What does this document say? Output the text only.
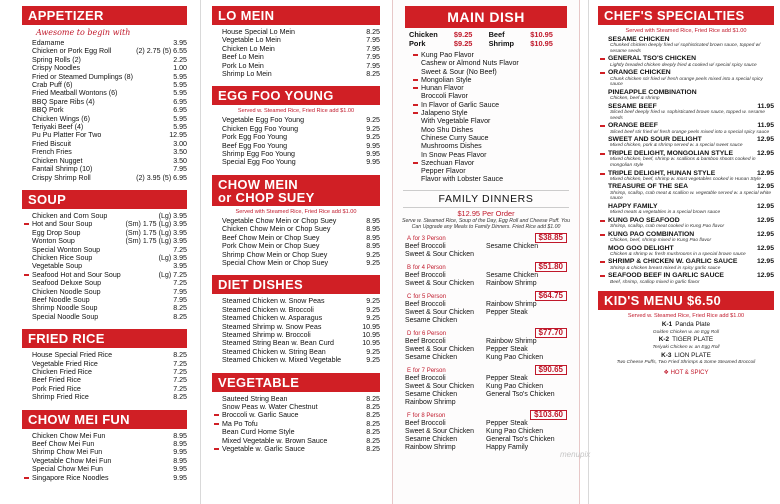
APPETIZER
Awesome to begin with
Edamame	3.95
Chicken or Pork Egg Roll	(2) 2.75 (5) 6.55
Spring Rolls (2)	2.25
Crispy Noodles	1.00
Fried or Steamed Dumplings (8)	5.95
Crab Puff (6)	5.95
Fried Meatball Wontons (6)	5.95
BBQ Spare Ribs (4)	6.95
BBQ Pork	6.95
Chicken Wings (6)	5.95
Teriyaki Beef (4)	5.95
Pu Pu Platter For Two	12.95
Fried Biscuit	3.00
French Fries	3.50
Chicken Nugget	3.50
Fantail Shrimp (10)	7.95
Crispy Shrimp Roll	(2) 3.95 (5) 6.95
SOUP
Chicken and Corn Soup	(Lg) 3.95
Hot and Sour Soup	(Sm) 1.75 (Lg) 3.95
Egg Drop Soup	(Sm) 1.75 (Lg) 3.95
Wonton Soup	(Sm) 1.75 (Lg) 3.95
Special Wonton Soup	7.25
Chicken Rice Soup	(Lg) 3.95
Vegetable Soup	3.95
Seafood Hot and Sour Soup	(Lg) 7.25
Seafood Deluxe Soup	7.25
Chicken Noodle Soup	7.95
Beef Noodle Soup	7.95
Shrimp Noodle Soup	8.25
Special Noodle Soup	8.25
FRIED RICE
House Special Fried Rice	8.25
Vegetable Fried Rice	7.25
Chicken Fried Rice	7.25
Beef Fried Rice	7.25
Pork Fried Rice	7.25
Shrimp Fried Rice	8.25
CHOW MEI FUN
Chicken Chow Mei Fun	8.95
Beef Chow Mei Fun	8.95
Shrimp Chow Mei Fun	9.95
Vegetable Chow Mei Fun	8.95
Special Chow Mei Fun	9.95
Singapore Rice Noodles	9.95
LO MEIN
House Special Lo Mein	8.25
Vegetable Lo Mein	7.95
Chicken Lo Mein	7.95
Beef Lo Mein	7.95
Pork Lo Mein	7.95
Shrimp Lo Mein	8.25
EGG FOO YOUNG
Served w. Steamed Rice, Fried Rice add $1.00
Vegetable Egg Foo Young	9.25
Chicken Egg Foo Young	9.25
Pork Egg Foo Young	9.25
Beef Egg Foo Young	9.95
Shrimp Egg Foo Young	9.95
Special Egg Foo Young	9.95
CHOW MEIN
or CHOP SUEY
Served with Steamed Rice, Fried Rice add $1.00
Vegetable Chow Mein or Chop Suey	8.95
Chicken Chow Mein or Chop Suey	8.95
Beef Chow Mein or Chop Suey	8.95
Pork Chow Mein or Chop Suey	8.95
Shrimp Chow Mein or Chop Suey	9.25
Special Chow Mein or Chop Suey	9.25
DIET DISHES
Steamed Chicken w. Snow Peas	9.25
Steamed Chicken w. Broccoli	9.25
Steamed Chicken w. Asparagus	9.25
Steamed Shrimp w. Snow Peas	10.95
Steamed Shrimp w. Broccoli	10.95
Steamed String Bean w. Bean Curd	10.95
Steamed Chicken w. String Bean	9.25
Steamed Chicken w. Mixed Vegetable	9.25
VEGETABLE
Sauteed String Bean	8.25
Snow Peas w. Water Chestnut	8.25
Broccoli w. Garlic Sauce	8.25
Ma Po Tofu	8.25
Bean Curd Home Style	8.25
Mixed Vegetable w. Brown Sauce	8.25
Vegetable w. Garlic Sauce	8.25
MAIN DISH
Chicken	$9.25	Beef	$10.95
Pork	$9.25	Shrimp	$10.95
Kung Pao Flavor
Cashew or Almond Nuts Flavor
Sweet & Sour (No Beef)
Mongolian Style
Hunan Flavor
Broccoli Flavor
In Flavor of Garlic Sauce
Jalapeno Style
With Vegetable Flavor
Moo Shu Dishes
Chinese Curry Sauce
Mushrooms Dishes
In Snow Peas Flavor
Szechuan Flavor
Pepper Flavor
Flavor with Lobster Sauce
FAMILY DINNERS
$12.95 Per Order
Serve w. Steamed Rice, Soup of the Day, Egg Roll and Cheese Puff. You Can Upgrade any Meals to Family Dinners. Fried Rice add $1.00
A for 3 Person	$38.85
Beef Broccoli	Sesame Chicken
Sweet & Sour Chicken
B for 4 Person	$51.80
Beef Broccoli	Sesame Chicken
Sweet & Sour Chicken	Rainbow Shrimp
C for 5 Person	$64.75
Beef Broccoli	Rainbow Shrimp
Sweet & Sour Chicken	Pepper Steak
Sesame Chicken
D for 6 Person	$77.70
Beef Broccoli	Rainbow Shrimp
Sweet & Sour Chicken	Pepper Steak
Sesame Chicken	Kung Pao Chicken
E for 7 Person	$90.65
Beef Broccoli	Pepper Steak
Sweet & Sour Chicken	Kung Pao Chicken
Sesame Chicken	General Tso's Chicken
Rainbow Shrimp
F for 8 Person	$103.60
Beef Broccoli	Pepper Steak
Sweet & Sour Chicken	Kung Pao Chicken
Sesame Chicken	General Tso's Chicken
Rainbow Shrimp	Happy Family
CHEF'S SPECIALTIES
Served with Steamed Rice, Fried Rice add $1.00
SESAME CHICKEN
Chunked chicken deeply fried w/ sophisticated brown sauce, topped w/ sesame seeds
GENERAL TSO'S CHICKEN
Lightly breaded chicken deeply fried & cooked w/ special spicy sauce
ORANGE CHICKEN
Chunk chicken stir fried w/ fresh orange peels mixed into a special spicy sauce
PINEAPPLE COMBINATION
Chicken, beef & shrimp
SESAME BEEF	11.95
Sliced beef deeply fried w. sophisticated brown sauce, topped w. sesame seeds
ORANGE BEEF	11.95
Sliced beef stir fried w/ fresh orange peels mixed into a special spicy sauce
SWEET AND SOUR DELIGHT	12.95
Mixed chicken, pork & shrimp served w. a special sweet sauce
TRIPLE DELIGHT, MONGOLIAN STYLE	12.95
Mixed chicken, beef, shrimp w. scallions & bamboo shoots cooked in mongolian style
TRIPLE DELIGHT, HUNAN STYLE	12.95
Mixed chicken, beef, shrimp w. most vegetables cooked in Hunan Style
TREASURE OF THE SEA	12.95
Shrimp, scallop, crab meat & scallion w. vegetable served w. a special white sauce
HAPPY FAMILY	12.95
Mixed meats & vegetables in a special brown sauce
KUNG PAO SEAFOOD	12.95
Shrimp, scallop, crab meat cooked in Kung Pao flavor
KUNG PAO COMBINATION	12.95
Chicken, beef, shrimp mixed in Kung Pao flavor
MOO GOO DELIGHT	12.95
Chicken & shrimp w. fresh mushrooms in a special brown sauce
SHRIMP & CHICKEN W. GARLIC SAUCE	12.95
Shrimp & chicken breast mixed in spicy garlic sauce
SEAFOOD BEEF IN GARLIC SAUCE	12.95
Beef, shrimp, scallop mixed in garlic flavor
KID'S MENU $6.50
Served w. Steamed Rice, Fried Rice add $1.00
K-1 Panda Plate
Golden Chicken w. an Egg Roll
K-2 TIGER PLATE
Teriyaki Chicken w. an Egg Roll
K-3 LION PLATE
Two Cheese Puffs, Two Fried Shrimps & Some Steamed Broccoli
❖ HOT & SPICY
menupix
